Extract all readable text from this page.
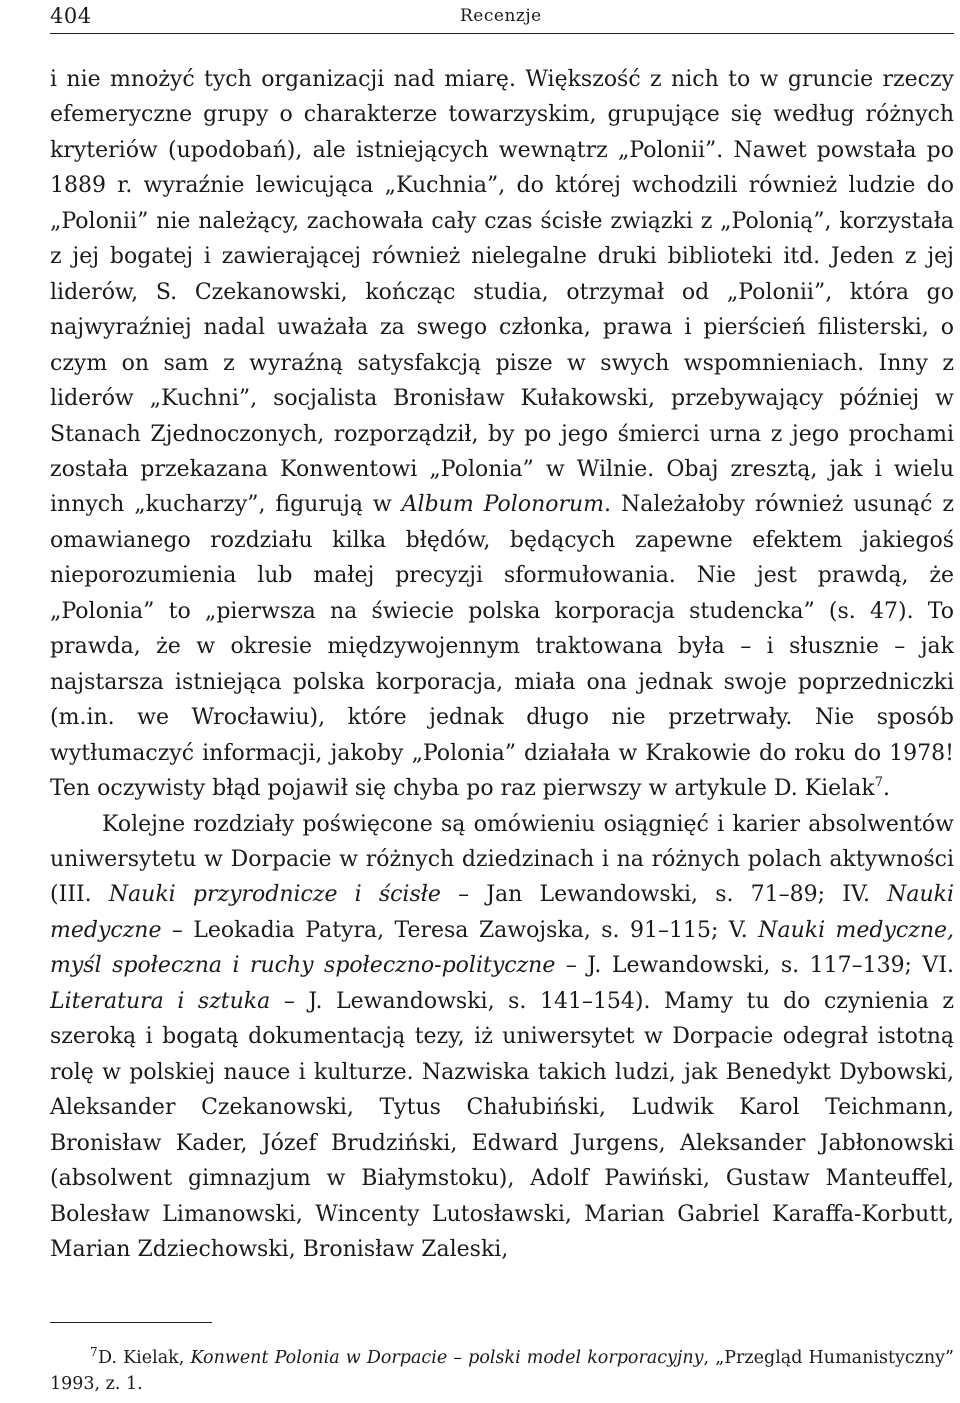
404	Recenzje

i nie mnożyć tych organizacji nad miarę. Większość z nich to w gruncie rzeczy efemeryczne grupy o charakterze towarzyskim, grupujące się według różnych kryteriów (upodobań), ale istniejących wewnątrz „Polonii”. Nawet powstała po 1889 r. wyraźnie lewicująca „Kuchnia”, do której wchodzili również ludzie do „Polonii” nie należący, zachowała cały czas ścisłe związki z „Polonią”, korzystała z jej bogatej i zawierającej również nielegalne druki biblioteki itd. Jeden z jej liderów, S. Czekanowski, kończąc studia, otrzymał od „Polonii”, która go najwyraźniej nadal uważała za swego członka, prawa i pierścień filisterski, o czym on sam z wyraźną satysfakcją pisze w swych wspomnieniach. Inny z liderów „Kuchni”, socjalista Bronisław Kułakowski, przebywający później w Stanach Zjednoczonych, rozporządził, by po jego śmierci urna z jego prochami została przekazana Konwentowi „Polonia” w Wilnie. Obaj zresztą, jak i wielu innych „kucharzy”, figurują w Album Polonorum. Należałoby również usunąć z omawianego rozdziału kilka błędów, będących zapewne efektem jakiegoś nieporozumienia lub małej precyzji sformułowania. Nie jest prawdą, że „Polonia” to „pierwsza na świecie polska korporacja studencka” (s. 47). To prawda, że w okresie międzywojennym traktowana była – i słusznie – jak najstarsza istniejąca polska korporacja, miała ona jednak swoje poprzedniczki (m.in. we Wrocławiu), które jednak długo nie przetrwały. Nie sposób wytłumaczyć informacji, jakoby „Polonia” działała w Krakowie do roku do 1978! Ten oczywisty błąd pojawił się chyba po raz pierwszy w artykule D. Kielak$^7$.

Kolejne rozdziały poświęcone są omówieniu osiągnięć i karier absolwentów uniwersytetu w Dorpacie w różnych dziedzinach i na różnych polach aktywności (III. Nauki przyrodnicze i ścisłe – Jan Lewandowski, s. 71–89; IV. Nauki medyczne – Leokadia Patyra, Teresa Zawojska, s. 91–115; V. Nauki medyczne, myśl społeczna i ruchy społeczno-polityczne – J. Lewandowski, s. 117–139; VI. Literatura i sztuka – J. Lewandowski, s. 141–154). Mamy tu do czynienia z szeroką i bogatą dokumentacją tezy, iż uniwersytet w Dorpacie odegrał istotną rolę w polskiej nauce i kulturze. Nazwiska takich ludzi, jak Benedykt Dybowski, Aleksander Czekanowski, Tytus Chałubiński, Ludwik Karol Teichmann, Bronisław Kader, Józef Brudziński, Edward Jurgens, Aleksander Jabłonowski (absolwent gimnazjum w Białymstoku), Adolf Pawiński, Gustaw Manteuffel, Bolesław Limanowski, Wincenty Lutosławski, Marian Gabriel Karaffa-Korbutt, Marian Zdziechowski, Bronisław Zaleski,

$^7$D. Kielak, Konwent Polonia w Dorpacie – polski model korporacyjny, „Przegląd Humanistyczny” 1993, z. 1.
